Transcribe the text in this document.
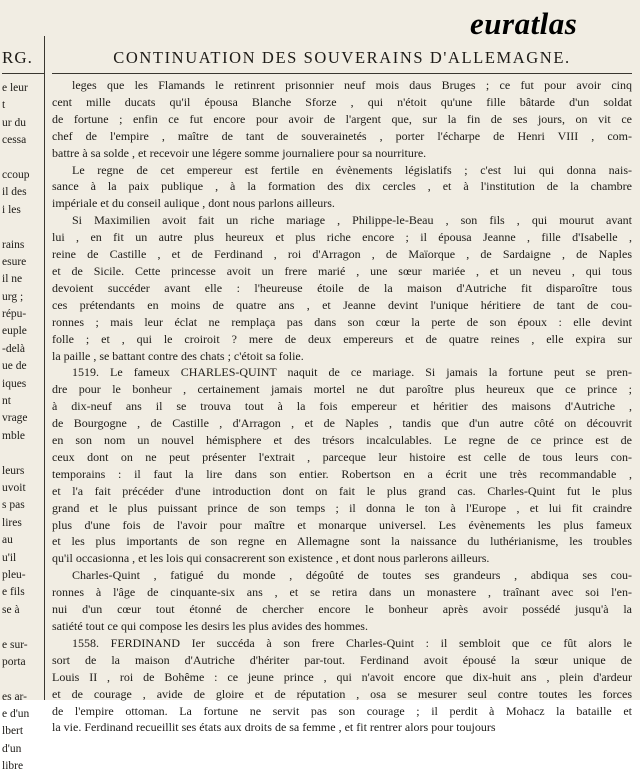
euratlas
RG.
e leur
t
ur du
cessa
ccoup
il des
i les
rains
esure
il ne
urg ;
répu-
euple
-delà
ue de
iques
nt
vrage
mble
leurs
uvoit
s pas
lires
au
u'il
pleu-
e fils
se à
e sur-
porta
es ar-
e d'un
lbert
d'un
libre
CONTINUATION DES SOUVERAINS D'ALLEMAGNE.
leges que les Flamands le retinrent prisonnier neuf mois daus Bruges ; ce fut pour avoir cinq
cent mille ducats qu'il épousa Blanche Sforze , qui n'étoit qu'une fille bâtarde d'un soldat
de fortune ; enfin ce fut encore pour avoir de l'argent que, sur la fin de ses jours, on vit ce
chef de l'empire , maître de tant de souverainetés , porter l'écharpe de Henri VIII , com-
battre à sa solde , et recevoir une légere somme journaliere pour sa nourriture.
Le regne de cet empereur est fertile en évènements législatifs ; c'est lui qui donna nais-
sance à la paix publique , à la formation des dix cercles , et à l'institution de la chambre
impériale et du conseil aulique , dont nous parlons ailleurs.
Si Maximilien avoit fait un riche mariage , Philippe-le-Beau , son fils , qui mourut avant
lui , en fit un autre plus heureux et plus riche encore ; il épousa Jeanne , fille d'Isabelle ,
reine de Castille , et de Ferdinand , roi d'Arragon , de Maïorque , de Sardaigne , de Naples
et de Sicile. Cette princesse avoit un frere marié , une sœur mariée , et un neveu , qui tous
devoient succéder avant elle : l'heureuse étoile de la maison d'Autriche fit disparoître tous
ces prétendants en moins de quatre ans , et Jeanne devint l'unique héritiere de tant de cou-
ronnes ; mais leur éclat ne remplaça pas dans son cœur la perte de son époux : elle devint
folle ; et , qui le croiroit ? mere de deux empereurs et de quatre reines , elle expira sur
la paille , se battant contre des chats ; c'étoit sa folie.
1519. Le fameux CHARLES-QUINT naquit de ce mariage. Si jamais la fortune peut se pren-
dre pour le bonheur , certainement jamais mortel ne dut paroître plus heureux que ce prince ;
à dix-neuf ans il se trouva tout à la fois empereur et héritier des maisons d'Autriche ,
de Bourgogne , de Castille , d'Arragon , et de Naples , tandis que d'un autre côté on découvrit
en son nom un nouvel hémisphere et des trésors incalculables. Le regne de ce prince est de
ceux dont on ne peut présenter l'extrait , parceque leur histoire est celle de tous leurs con-
temporains : il faut la lire dans son entier. Robertson en a écrit une très recommandable ,
et l'a fait précéder d'une introduction dont on fait le plus grand cas. Charles-Quint fut le plus
grand et le plus puissant prince de son temps ; il donna le ton à l'Europe , et lui fit craindre
plus d'une fois de l'avoir pour maître et monarque universel. Les évènements les plus fameux
et les plus importants de son regne en Allemagne sont la naissance du luthérianisme, les troubles
qu'il occasionna , et les lois qui consacrerent son existence , et dont nous parlerons ailleurs.
Charles-Quint , fatigué du monde , dégoûté de toutes ses grandeurs , abdiqua ses cou-
ronnes à l'âge de cinquante-six ans , et se retira dans un monastere , traînant avec soi l'en-
nui d'un cœur tout étonné de chercher encore le bonheur après avoir possédé jusqu'à la
satiété tout ce qui compose les desirs les plus avides des hommes.
1558. FERDINAND Ier succéda à son frere Charles-Quint : il sembloit que ce fût alors le
sort de la maison d'Autriche d'hériter par-tout. Ferdinand avoit épousé la sœur unique de
Louis II , roi de Bohême : ce jeune prince , qui n'avoit encore que dix-huit ans , plein d'ardeur
et de courage , avide de gloire et de réputation , osa se mesurer seul contre toutes les forces
de l'empire ottoman. La fortune ne servit pas son courage ; il perdit à Mohacz la bataille et
la vie. Ferdinand recueillit ses états aux droits de sa femme , et fit rentrer alors pour toujours
